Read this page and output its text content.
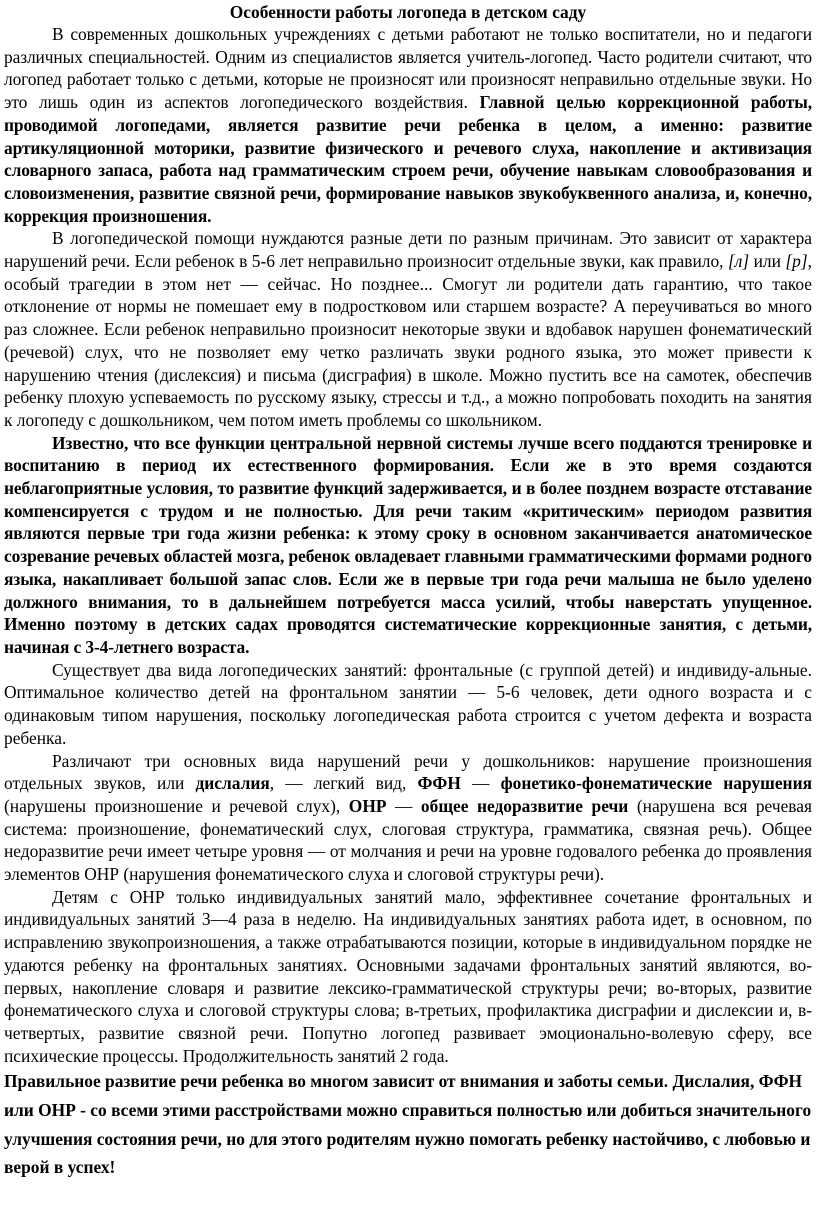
Особенности работы логопеда в детском саду

В современных дошкольных учреждениях с детьми работают не только воспитатели, но и педагоги различных специальностей. Одним из специалистов является учитель-логопед. Часто родители считают, что логопед работает только с детьми, которые не произносят или произносят неправильно отдельные звуки. Но это лишь один из аспектов логопедического воздействия. Главной целью коррекционной работы, проводимой логопедами, является развитие речи ребенка в целом, а именно: развитие артикуляционной моторики, развитие физического и речевого слуха, накопление и активизация словарного запаса, работа над грамматическим строем речи, обучение навыкам словообразования и словоизменения, развитие связной речи, формирование навыков звукобуквенного анализа, и, конечно, коррекция произношения.

В логопедической помощи нуждаются разные дети по разным причинам. Это зависит от характера нарушений речи. Если ребенок в 5-6 лет неправильно произносит отдельные звуки, как правило, [л] или [р], особый трагедии в этом нет — сейчас. Но позднее... Смогут ли родители дать гарантию, что такое отклонение от нормы не помешает ему в подростковом или старшем возрасте? А переучиваться во много раз сложнее. Если ребенок неправильно произносит некоторые звуки и вдобавок нарушен фонематический (речевой) слух, что не позволяет ему четко различать звуки родного языка, это может привести к нарушению чтения (дислексия) и письма (дисграфия) в школе. Можно пустить все на самотек, обеспечив ребенку плохую успеваемость по русскому языку, стрессы и т.д., а можно попробовать походить на занятия к логопеду с дошкольником, чем потом иметь проблемы со школьником.

Известно, что все функции центральной нервной системы лучше всего поддаются тренировке и воспитанию в период их естественного формирования. Если же в это время создаются неблагоприятные условия, то развитие функций задерживается, и в более позднем возрасте отставание компенсируется с трудом и не полностью. Для речи таким «критическим» периодом развития являются первые три года жизни ребенка: к этому сроку в основном заканчивается анатомическое созревание речевых областей мозга, ребенок овладевает главными грамматическими формами родного языка, накапливает большой запас слов. Если же в первые три года речи малыша не было уделено должного внимания, то в дальнейшем потребуется масса усилий, чтобы наверстать упущенное. Именно поэтому в детских садах проводятся систематические коррекционные занятия, с детьми, начиная с 3-4-летнего возраста.

Существует два вида логопедических занятий: фронтальные (с группой детей) и индивиду-альные. Оптимальное количество детей на фронтальном занятии — 5-6 человек, дети одного возраста и с одинаковым типом нарушения, поскольку логопедическая работа строится с учетом дефекта и возраста ребенка.

Различают три основных вида нарушений речи у дошкольников: нарушение произношения отдельных звуков, или дислалия, — легкий вид, ФФН — фонетико-фонематические нарушения (нарушены произношение и речевой слух), ОНР — общее недоразвитие речи (нарушена вся речевая система: произношение, фонематический слух, слоговая структура, грамматика, связная речь). Общее недоразвитие речи имеет четыре уровня — от молчания и речи на уровне годовалого ребенка до проявления элементов ОНР (нарушения фонематического слуха и слоговой структуры речи).

Детям с ОНР только индивидуальных занятий мало, эффективнее сочетание фронтальных и индивидуальных занятий 3—4 раза в неделю. На индивидуальных занятиях работа идет, в основном, по исправлению звукопроизношения, а также отрабатываются позиции, которые в индивидуальном порядке не удаются ребенку на фронтальных занятиях. Основными задачами фронтальных занятий являются, во-первых, накопление словаря и развитие лексико-грамматической структуры речи; во-вторых, развитие фонематического слуха и слоговой структуры слова; в-третьих, профилактика дисграфии и дислексии и, в-четвертых, развитие связной речи. Попутно логопед развивает эмоционально-волевую сферу, все психические процессы. Продолжительность занятий 2 года.

Правильное развитие речи ребенка во многом зависит от внимания и заботы семьи. Дислалия, ФФН или ОНР - со всеми этими расстройствами можно справиться полностью или добиться значительного улучшения состояния речи, но для этого родителям нужно помогать ребенку настойчиво, с любовью и верой в успех!
